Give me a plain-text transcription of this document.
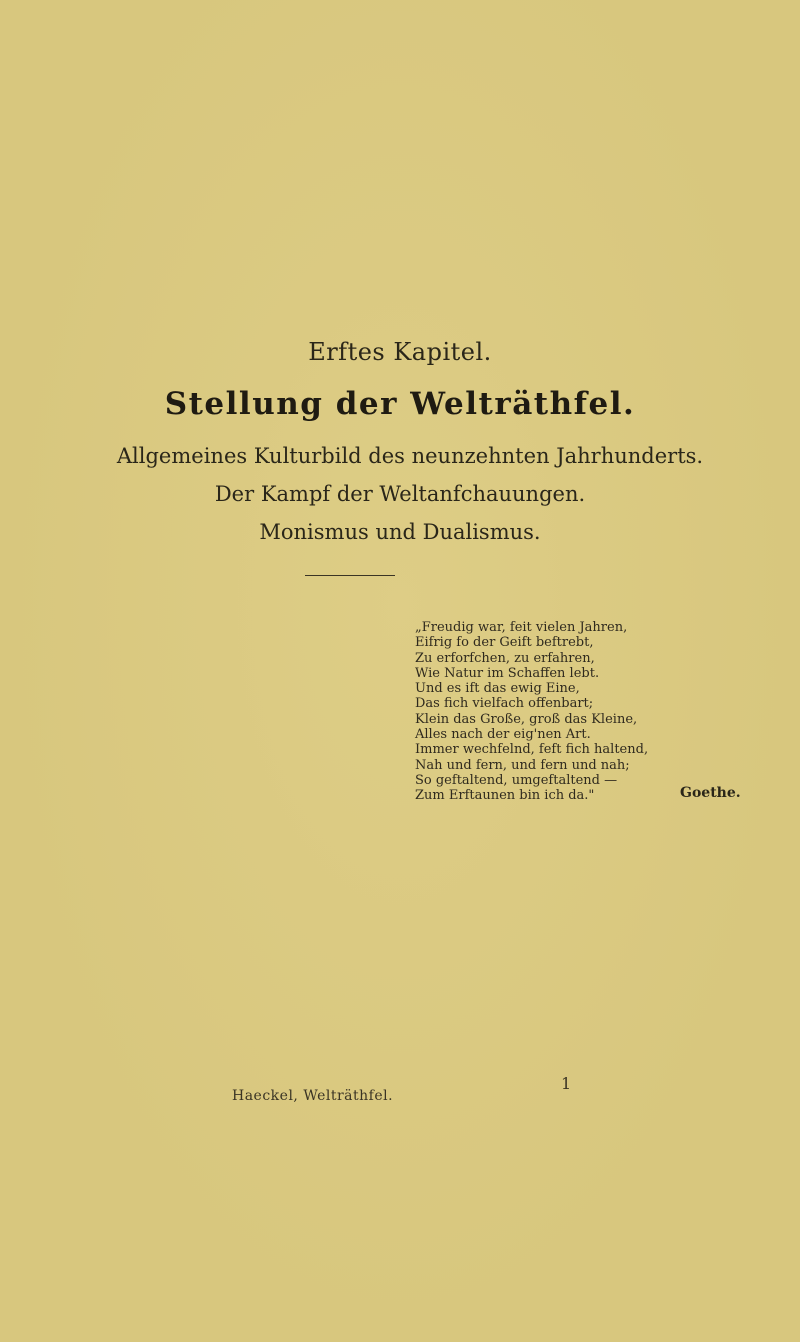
Erftes Kapitel.
Stellung der Welträthfel.
Allgemeines Kulturbild des neunzehnten Jahrhunderts.
Der Kampf der Weltanfchauungen.
Monismus und Dualismus.
„Freudig war, feit vielen Jahren,
Eifrig fo der Geift beftrebt,
Zu erforfchen, zu erfahren,
Wie Natur im Schaffen lebt.
Und es ift das ewig Eine,
Das fich vielfach offenbart;
Klein das Große, groß das Kleine,
Alles nach der eig'nen Art.
Immer wechfelnd, feft fich haltend,
Nah und fern, und fern und nah;
So geftaltend, umgeftaltend —
Zum Erftaunen bin ich da."	Goethe.
Haeckel, Welträthfel.
1
